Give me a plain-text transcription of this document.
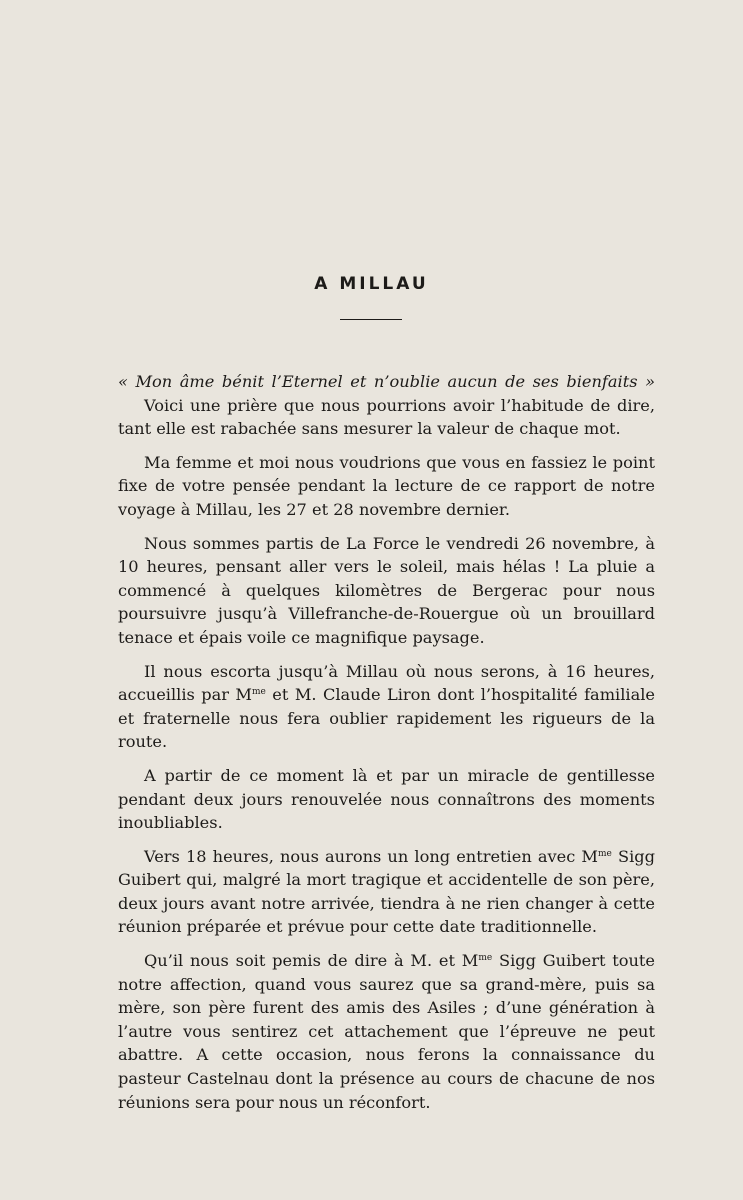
A MILLAU

« Mon âme bénit l’Eternel et n’oublie aucun de ses bienfaits »

Voici une prière que nous pourrions avoir l’habitude de dire, tant elle est rabachée sans mesurer la valeur de chaque mot.

Ma femme et moi nous voudrions que vous en fassiez le point fixe de votre pensée pendant la lecture de ce rapport de notre voyage à Millau, les 27 et 28 novembre dernier.

Nous sommes partis de La Force le vendredi 26 novembre, à 10 heures, pensant aller vers le soleil, mais hélas ! La pluie a commencé à quelques kilomètres de Bergerac pour nous poursuivre jusqu’à Villefranche-de-Rouergue où un brouillard tenace et épais voile ce magnifique paysage.

Il nous escorta jusqu’à Millau où nous serons, à 16 heures, accueillis par $M^{me}$ et M. Claude Liron dont l’hospitalité familiale et fraternelle nous fera oublier rapidement les rigueurs de la route.

A partir de ce moment là et par un miracle de gentillesse pendant deux jours renouvelée nous connaîtrons des moments inoubliables.

Vers 18 heures, nous aurons un long entretien avec $M^{me}$ Sigg Guibert qui, malgré la mort tragique et accidentelle de son père, deux jours avant notre arrivée, tiendra à ne rien changer à cette réunion préparée et prévue pour cette date traditionnelle.

Qu’il nous soit pemis de dire à M. et $M^{me}$ Sigg Guibert toute notre affection, quand vous saurez que sa grand-mère, puis sa mère, son père furent des amis des Asiles ; d’une génération à l’autre vous sentirez cet attachement que l’épreuve ne peut abattre. A cette occasion, nous ferons la connaissance du pasteur Castelnau dont la présence au cours de chacune de nos réunions sera pour nous un réconfort.
